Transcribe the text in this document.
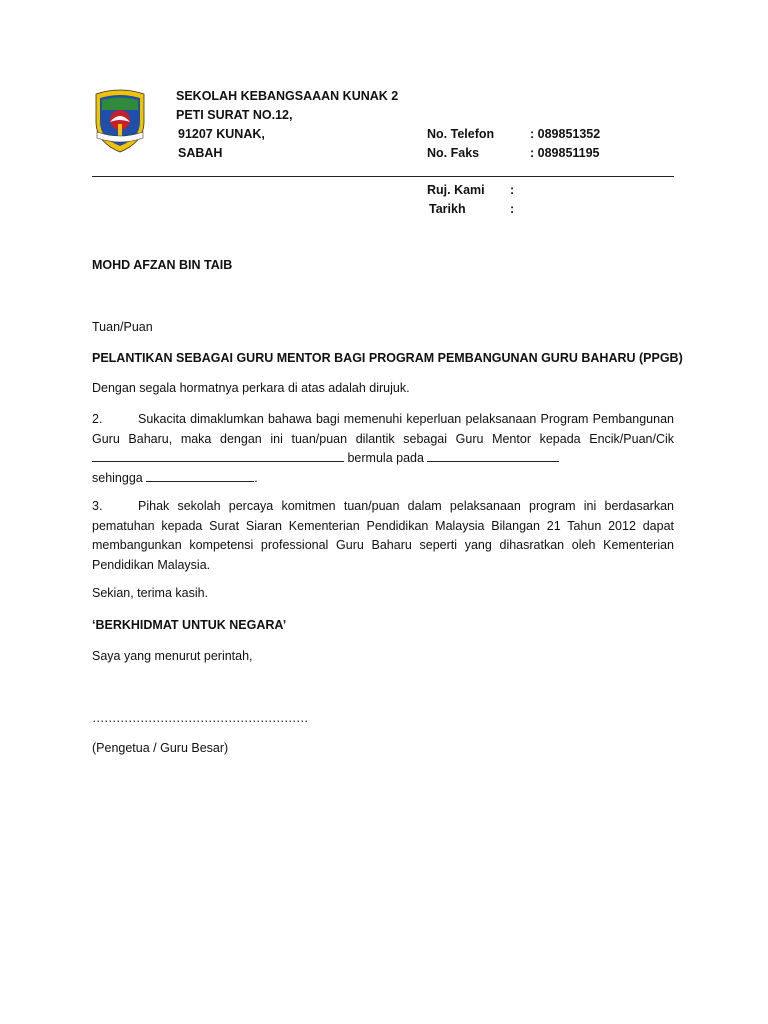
SEKOLAH KEBANGSAAAN KUNAK 2
PETI SURAT NO.12,
91207 KUNAK,
SABAH
No. Telefon	: 089851352
No. Faks	: 089851195
Ruj. Kami :
Tarikh	:
MOHD AFZAN BIN TAIB
Tuan/Puan
PELANTIKAN SEBAGAI GURU MENTOR BAGI PROGRAM PEMBANGUNAN GURU BAHARU (PPGB)
Dengan segala hormatnya perkara di atas adalah dirujuk.
2.	Sukacita dimaklumkan bahawa bagi memenuhi keperluan pelaksanaan Program Pembangunan Guru Baharu, maka dengan ini tuan/puan dilantik sebagai Guru Mentor kepada Encik/Puan/Cik  bermula pada
sehingga	.
3.	Pihak sekolah percaya komitmen tuan/puan dalam pelaksanaan program ini berdasarkan pematuhan kepada Surat Siaran Kementerian Pendidikan Malaysia Bilangan 21 Tahun 2012 dapat membangunkan kompetensi professional Guru Baharu seperti yang dihasratkan oleh Kementerian Pendidikan Malaysia.
Sekian, terima kasih.
‘BERKHIDMAT UNTUK NEGARA’
Saya yang menurut perintah,
………………………………………………
(Pengetua / Guru Besar)
